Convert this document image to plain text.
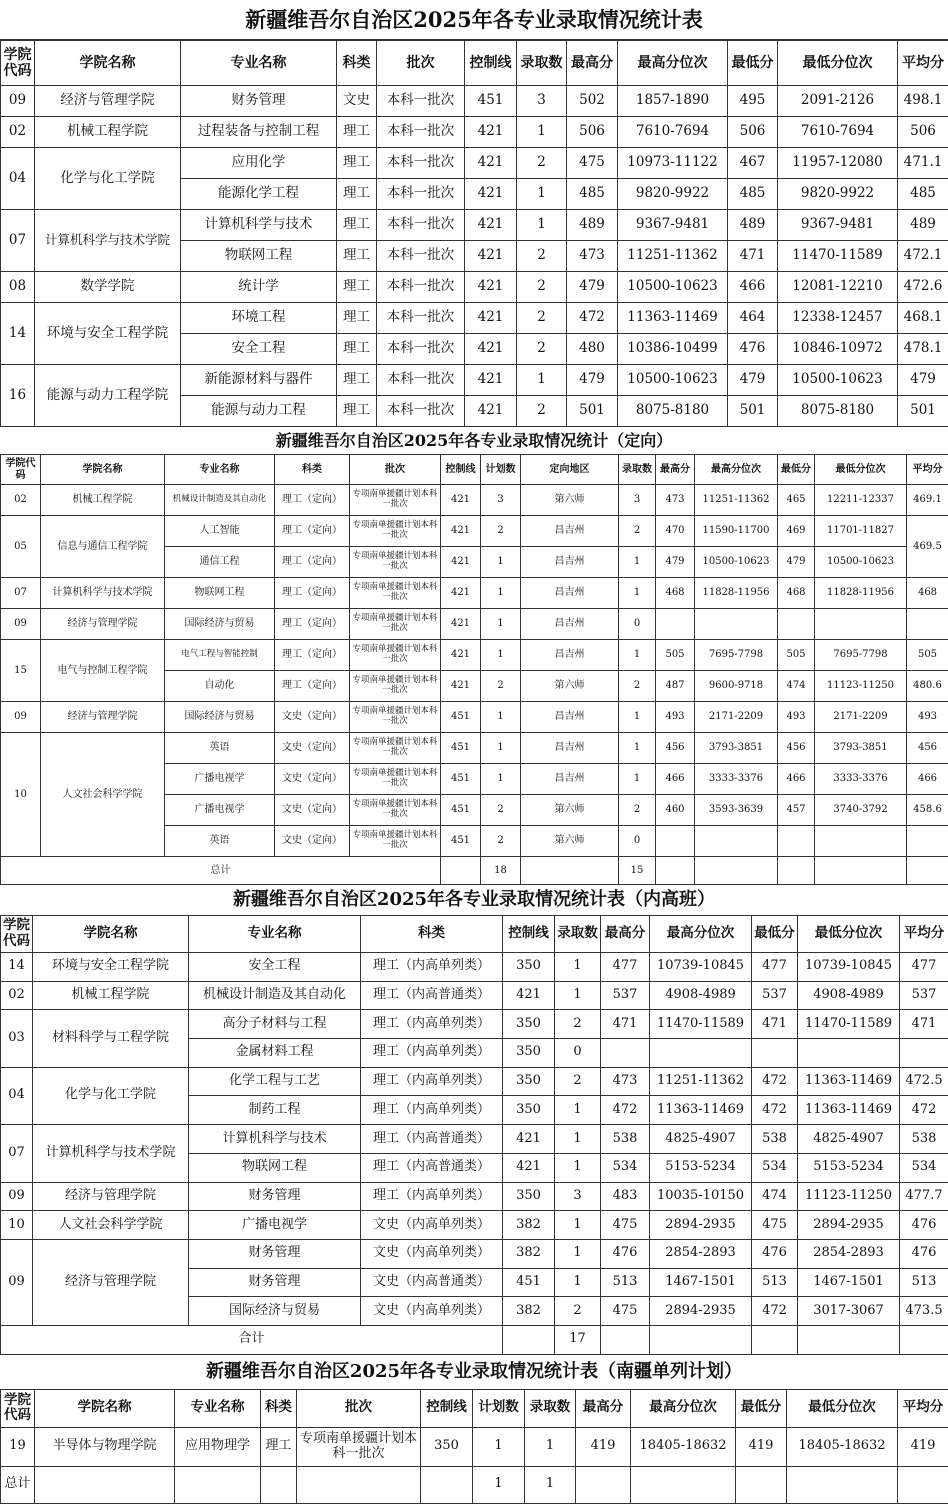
新疆维吾尔自治区2025年各专业录取情况统计表
学院代码	学院名称	专业名称	科类	批次	控制线	录取数	最高分	最高分位次	最低分	最低分位次	平均分
09	经济与管理学院	财务管理	文史	本科一批次	451	3	502	1857-1890	495	2091-2126	498.1
02	机械工程学院	过程装备与控制工程	理工	本科一批次	421	1	506	7610-7694	506	7610-7694	506
04	化学与化工学院	应用化学	理工	本科一批次	421	2	475	10973-11122	467	11957-12080	471.1
		能源化学工程	理工	本科一批次	421	1	485	9820-9922	485	9820-9922	485
07	计算机科学与技术学院	计算机科学与技术	理工	本科一批次	421	1	489	9367-9481	489	9367-9481	489
		物联网工程	理工	本科一批次	421	2	473	11251-11362	471	11470-11589	472.1
08	数学学院	统计学	理工	本科一批次	421	2	479	10500-10623	466	12081-12210	472.6
14	环境与安全工程学院	环境工程	理工	本科一批次	421	2	472	11363-11469	464	12338-12457	468.1
		安全工程	理工	本科一批次	421	2	480	10386-10499	476	10846-10972	478.1
16	能源与动力工程学院	新能源材料与器件	理工	本科一批次	421	1	479	10500-10623	479	10500-10623	479
		能源与动力工程	理工	本科一批次	421	2	501	8075-8180	501	8075-8180	501
新疆维吾尔自治区2025年各专业录取情况统计（定向）
学院代码	学院名称	专业名称	科类	批次	控制线	计划数	定向地区	录取数	最高分	最高分位次	最低分	最低分位次	平均分
02	机械工程学院	机械设计制造及其自动化	理工（定向）	专项南单援疆计划本科一批次	421	3	第六师	3	473	11251-11362	465	12211-12337	469.1
05	信息与通信工程学院	人工智能	理工（定向）	专项南单援疆计划本科一批次	421	2	昌吉州	2	470	11590-11700	469	11701-11827	469.5
		通信工程	理工（定向）	专项南单援疆计划本科一批次	421	1	昌吉州	1	479	10500-10623	479	10500-10623	
07	计算机科学与技术学院	物联网工程	理工（定向）	专项南单援疆计划本科一批次	421	1	昌吉州	1	468	11828-11956	468	11828-11956	468
09	经济与管理学院	国际经济与贸易	理工（定向）	专项南单援疆计划本科一批次	421	1	昌吉州	0					
15	电气与控制工程学院	电气工程与智能控制	理工（定向）	专项南单援疆计划本科一批次	421	1	昌吉州	1	505	7695-7798	505	7695-7798	505
		自动化	理工（定向）	专项南单援疆计划本科一批次	421	2	第六师	2	487	9600-9718	474	11123-11250	480.6
09	经济与管理学院	国际经济与贸易	文史（定向）	专项南单援疆计划本科一批次	451	1	昌吉州	1	493	2171-2209	493	2171-2209	493
10	人文社会科学学院	英语	文史（定向）	专项南单援疆计划本科一批次	451	1	昌吉州	1	456	3793-3851	456	3793-3851	456
		广播电视学	文史（定向）	专项南单援疆计划本科一批次	451	1	昌吉州	1	466	3333-3376	466	3333-3376	466
		广播电视学	文史（定向）	专项南单援疆计划本科一批次	451	2	第六师	2	460	3593-3639	457	3740-3792	458.6
		英语	文史（定向）	专项南单援疆计划本科一批次	451	2	第六师	0					
总计						18		15					
新疆维吾尔自治区2025年各专业录取情况统计表（内高班）
学院代码	学院名称	专业名称	科类	控制线	录取数	最高分	最高分位次	最低分	最低分位次	平均分
14	环境与安全工程学院	安全工程	理工（内高单列类）	350	1	477	10739-10845	477	10739-10845	477
02	机械工程学院	机械设计制造及其自动化	理工（内高普通类）	421	1	537	4908-4989	537	4908-4989	537
03	材料科学与工程学院	高分子材料与工程	理工（内高单列类）	350	2	471	11470-11589	471	11470-11589	471
		金属材料工程	理工（内高单列类）	350	0					
04	化学与化工学院	化学工程与工艺	理工（内高单列类）	350	2	473	11251-11362	472	11363-11469	472.5
		制药工程	理工（内高单列类）	350	1	472	11363-11469	472	11363-11469	472
07	计算机科学与技术学院	计算机科学与技术	理工（内高普通类）	421	1	538	4825-4907	538	4825-4907	538
		物联网工程	理工（内高普通类）	421	1	534	5153-5234	534	5153-5234	534
09	经济与管理学院	财务管理	理工（内高单列类）	350	3	483	10035-10150	474	11123-11250	477.7
10	人文社会科学学院	广播电视学	文史（内高单列类）	382	1	475	2894-2935	475	2894-2935	476
09	经济与管理学院	财务管理	文史（内高单列类）	382	1	476	2854-2893	476	2854-2893	476
		财务管理	文史（内高普通类）	451	1	513	1467-1501	513	1467-1501	513
		国际经济与贸易	文史（内高单列类）	382	2	475	2894-2935	472	3017-3067	473.5
合计					17					
新疆维吾尔自治区2025年各专业录取情况统计表（南疆单列计划）
学院代码	学院名称	专业名称	科类	批次	控制线	计划数	录取数	最高分	最高分位次	最低分	最低分位次	平均分
19	半导体与物理学院	应用物理学	理工	专项南单援疆计划本科一批次	350	1	1	419	18405-18632	419	18405-18632	419
总计						1	1					
